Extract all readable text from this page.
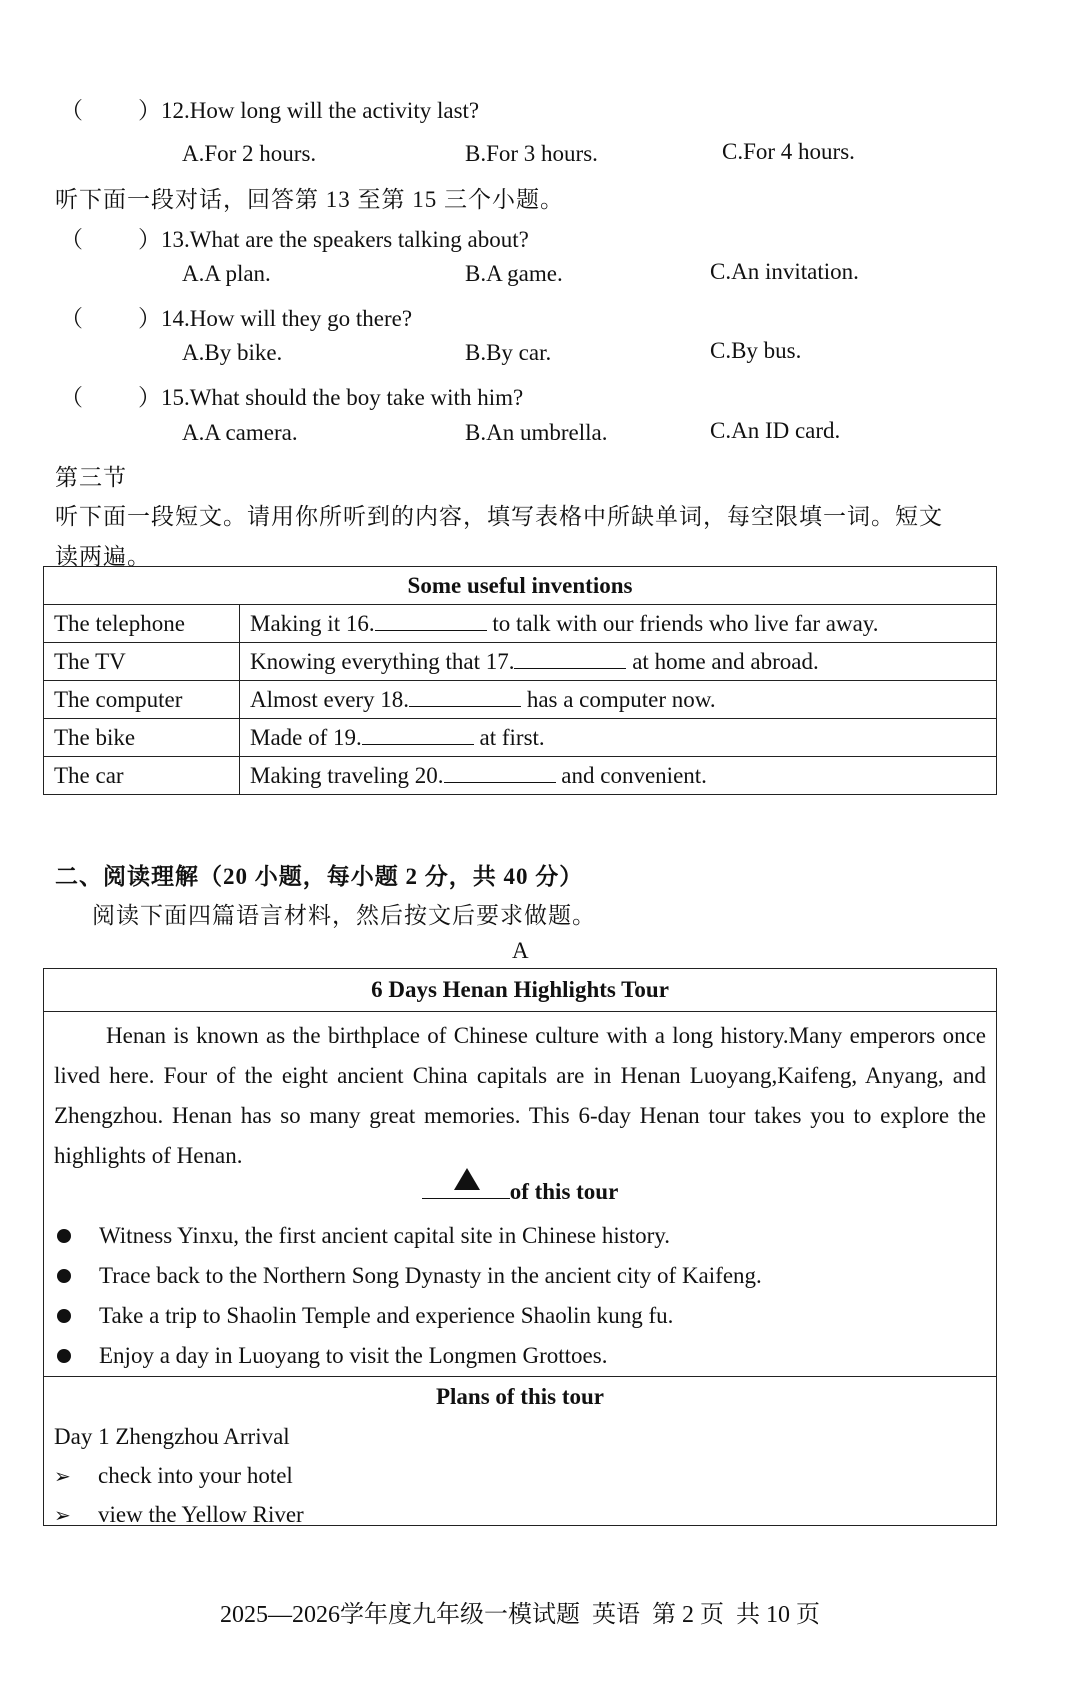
（ ）12.How long will the activity last?
A.For 2 hours.	B.For 3 hours.	C.For 4 hours.
听下面一段对话，回答第 13 至第 15 三个小题。
（ ）13.What are the speakers talking about?
A.A plan.	B.A game.	C.An invitation.
（ ）14.How will they go there?
A.By bike.	B.By car.	C.By bus.
（ ）15.What should the boy take with him?
A.A camera.	B.An umbrella.	C.An ID card.
第三节
听下面一段短文。请用你所听到的内容，填写表格中所缺单词，每空限填一词。短文
读两遍。
Some useful inventions	
The telephone	Making it 16. to talk with our friends who live far away.
The TV	Knowing everything that 17. at home and abroad.
The computer	Almost every 18. has a computer now.
The bike	Made of 19. at first.
The car	Making traveling 20. and convenient.
二、阅读理解（20 小题，每小题 2 分，共 40 分）
阅读下面四篇语言材料，然后按文后要求做题。
A
6 Days Henan Highlights Tour
Henan is known as the birthplace of Chinese culture with a long history.Many emperors once lived here. Four of the eight ancient China capitals are in Henan Luoyang,Kaifeng, Anyang, and Zhengzhou. Henan has so many great memories. This 6-day Henan tour takes you to explore the highlights of Henan.
of this tour
Witness Yinxu, the first ancient capital site in Chinese history.
Trace back to the Northern Song Dynasty in the ancient city of Kaifeng.
Take a trip to Shaolin Temple and experience Shaolin kung fu.
Enjoy a day in Luoyang to visit the Longmen Grottoes.
Plans of this tour
Day 1 Zhengzhou Arrival
➢ check into your hotel
➢ view the Yellow River
2025—2026学年度九年级一模试题  英语  第 2 页  共 10 页
